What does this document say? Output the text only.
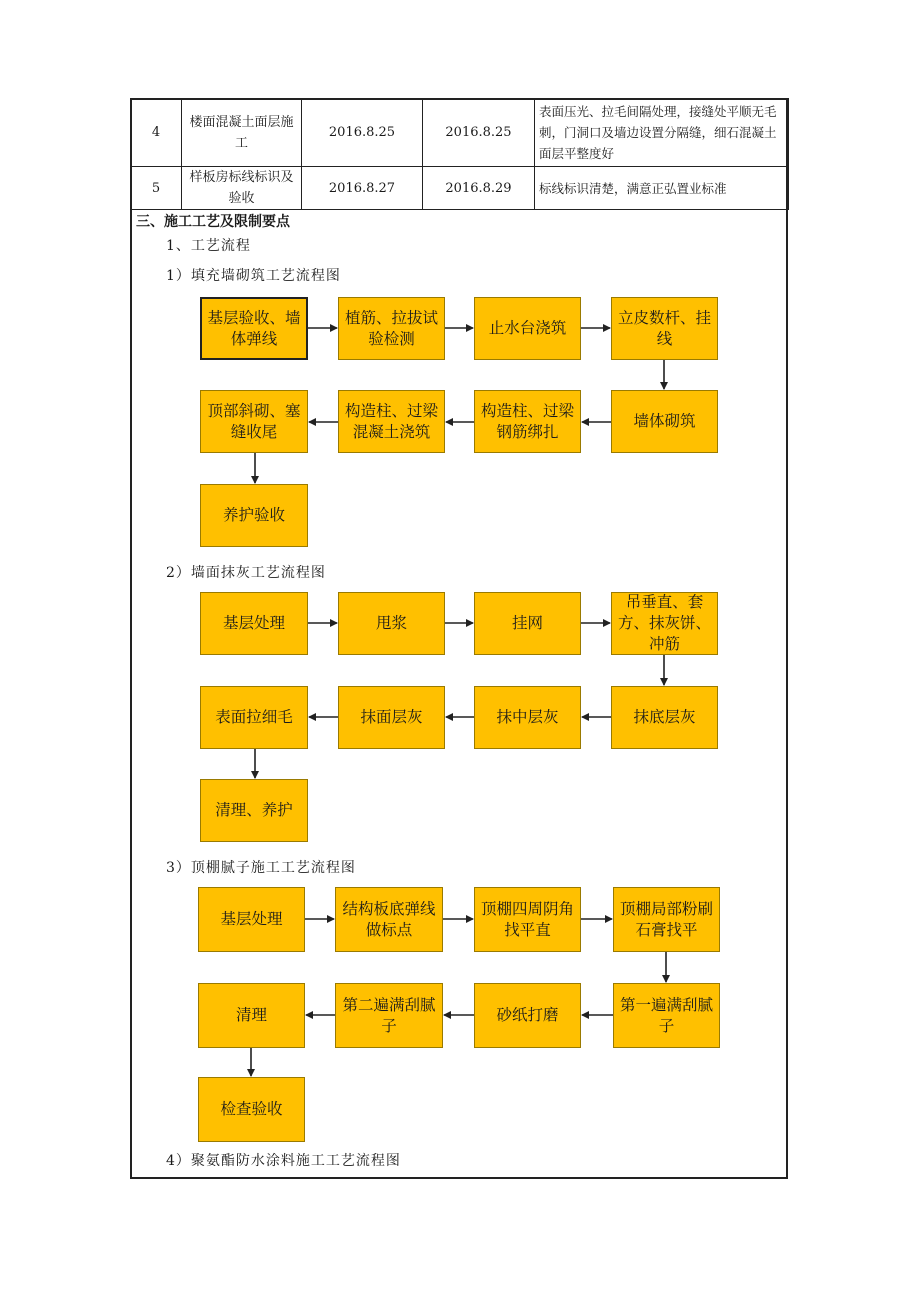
4	楼面混凝土面层施工	2016.8.25	2016.8.25	表面压光、拉毛间隔处理，接缝处平顺无毛刺，门洞口及墙边设置分隔缝，细石混凝土面层平整度好
5	样板房标线标识及验收	2016.8.27	2016.8.29	标线标识清楚，满意正弘置业标准
三、施工工艺及限制要点
1、工艺流程
1）填充墙砌筑工艺流程图
基层验收、墙体弹线
植筋、拉拔试验检测
止水台浇筑
立皮数杆、挂线
墙体砌筑
构造柱、过梁钢筋绑扎
构造柱、过梁混凝土浇筑
顶部斜砌、塞缝收尾
养护验收
2）墙面抹灰工艺流程图
基层处理	甩浆	挂网
吊垂直、套方、抹灰饼、冲筋
抹底层灰
抹中层灰
抹面层灰
表面拉细毛
清理、养护
3）顶棚腻子施工工艺流程图
基层处理
结构板底弹线做标点
顶棚四周阴角找平直
顶棚局部粉刷石膏找平
第一遍满刮腻子
砂纸打磨
第二遍满刮腻子
清理
检查验收
4）聚氨酯防水涂料施工工艺流程图
